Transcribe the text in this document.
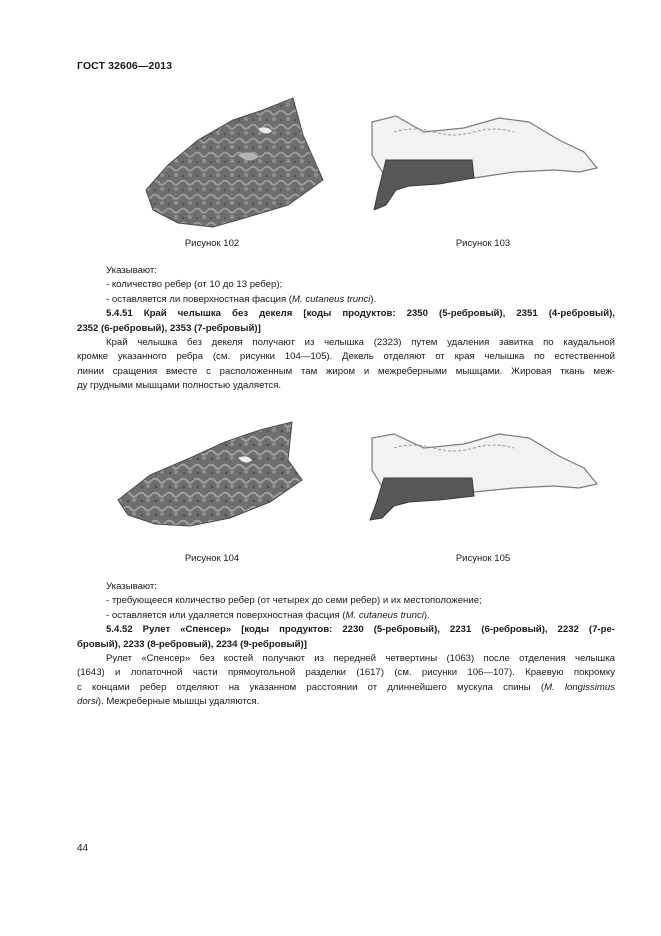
ГОСТ 32606—2013
Рисунок 102	Рисунок 103
Указывают:
- количество ребер (от 10 до 13 ребер);
- оставляется ли поверхностная фасция (M. cutaneus trunci).
5.4.51 Край челышка без декеля [коды продуктов: 2350 (5-ребровый), 2351 (4-ребровый),
2352 (6-ребровый), 2353 (7-ребровый)]
Край челышка без декеля получают из челышка (2323) путем удаления завитка по каудальной
кромке указанного ребра (см. рисунки 104—105). Декель отделяют от края челышка по естественной
линии сращения вместе с расположенным там жиром и межреберными мышцами. Жировая ткань меж-
ду грудными мышцами полностью удаляется.
Рисунок 104	Рисунок 105
Указывают:
- требующееся количество ребер (от четырех до семи ребер) и их местоположение;
- оставляется или удаляется поверхностная фасция (M. cutaneus trunci).
5.4.52 Рулет «Спенсер» [коды продуктов: 2230 (5-ребровый), 2231 (6-ребровый), 2232 (7-ре-
бровый), 2233 (8-ребровый), 2234 (9-ребровый)]
Рулет «Спенсер» без костей получают из передней четвертины (1063) после отделения челышка
(1643) и лопаточной части прямоугольной разделки (1617) (см. рисунки 106—107). Краевую покромку
с концами ребер отделяют на указанном расстоянии от длиннейшего мускула спины (M. longissimus
dorsi). Межреберные мышцы удаляются.
44
